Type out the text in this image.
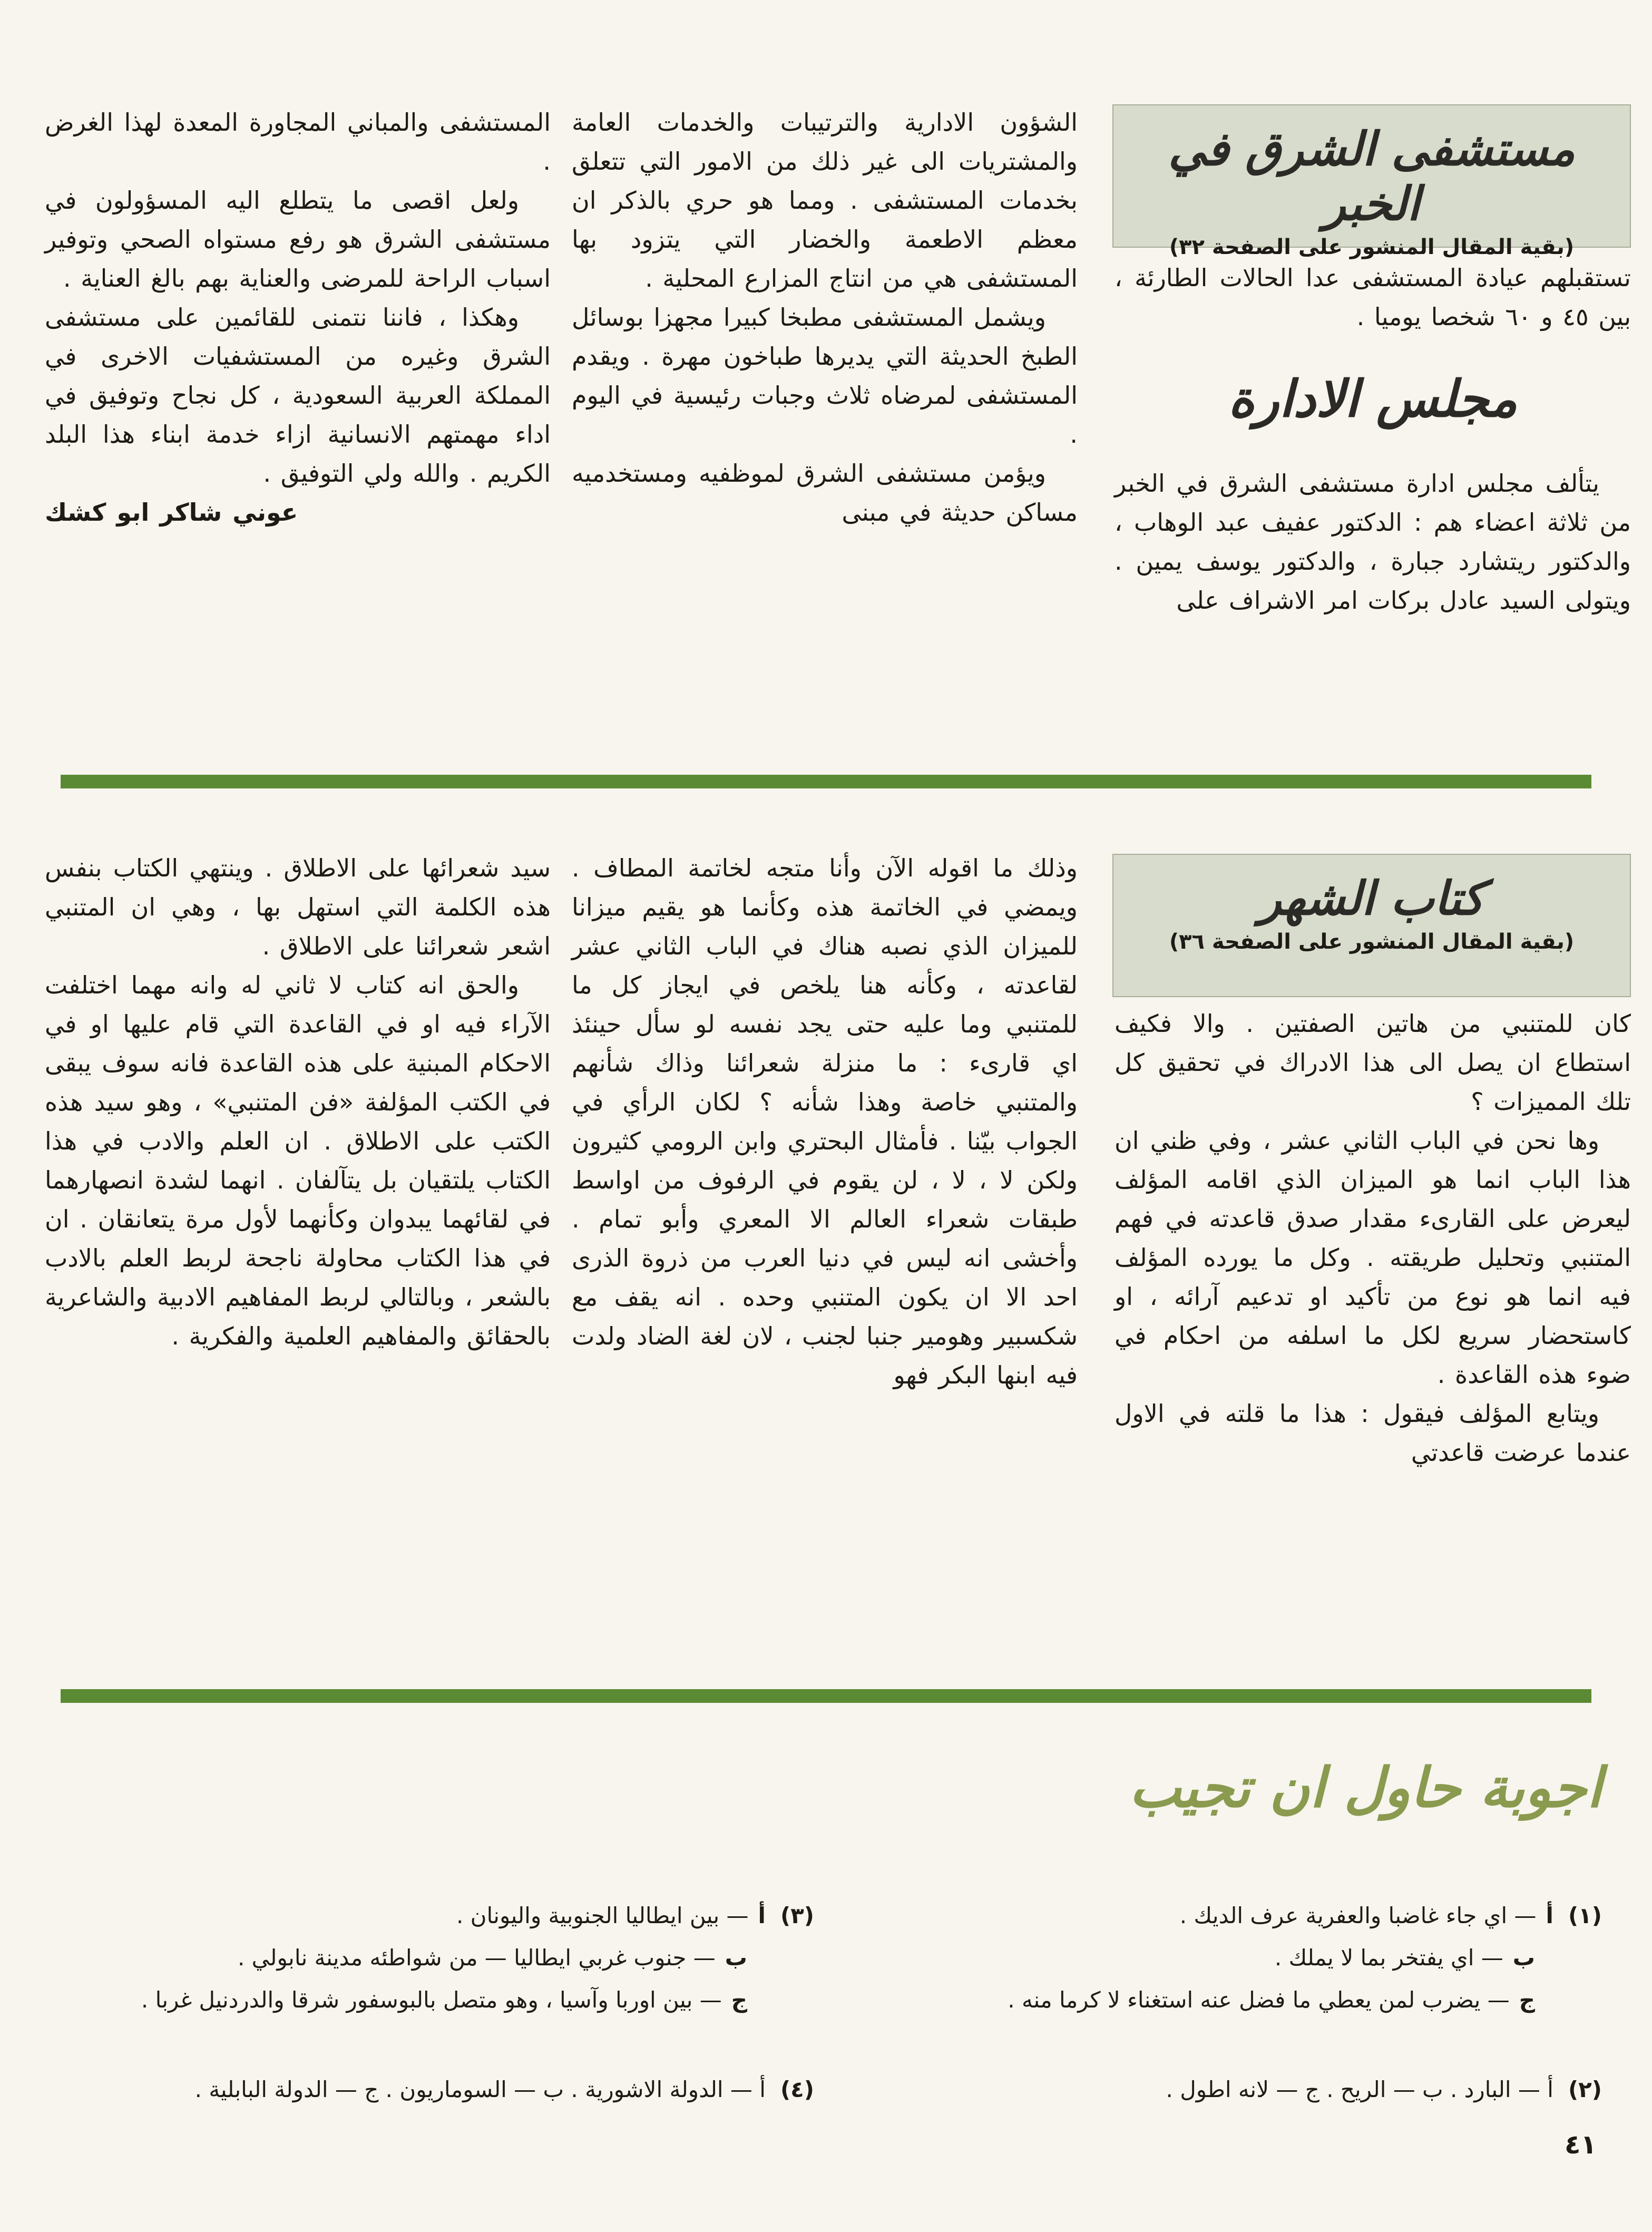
مستشفى الشرق في الخبر
(بقية المقال المنشور على الصفحة ٣٢)

تستقبلهم عيادة المستشفى عدا الحالات الطارئة ، بين ٤٥ و ٦٠ شخصا يوميا .

مجلس الادارة

يتألف مجلس ادارة مستشفى الشرق في الخبر من ثلاثة اعضاء هم : الدكتور عفيف عبد الوهاب ، والدكتور ريتشارد جبارة ، والدكتور يوسف يمين . ويتولى السيد عادل بركات امر الاشراف على

الشؤون الادارية والترتيبات والخدمات العامة والمشتريات الى غير ذلك من الامور التي تتعلق بخدمات المستشفى . ومما هو حري بالذكر ان معظم الاطعمة والخضار التي يتزود بها المستشفى هي من انتاج المزارع المحلية .

ويشمل المستشفى مطبخا كبيرا مجهزا بوسائل الطبخ الحديثة التي يديرها طباخون مهرة . ويقدم المستشفى لمرضاه ثلاث وجبات رئيسية في اليوم .

ويؤمن مستشفى الشرق لموظفيه ومستخدميه مساكن حديثة في مبنى

المستشفى والمباني المجاورة المعدة لهذا الغرض .

ولعل اقصى ما يتطلع اليه المسؤولون في مستشفى الشرق هو رفع مستواه الصحي وتوفير اسباب الراحة للمرضى والعناية بهم بالغ العناية .

وهكذا ، فاننا نتمنى للقائمين على مستشفى الشرق وغيره من المستشفيات الاخرى في المملكة العربية السعودية ، كل نجاح وتوفيق في اداء مهمتهم الانسانية ازاء خدمة ابناء هذا البلد الكريم . والله ولي التوفيق .

عوني شاكر ابو كشك

كتاب الشهر
(بقية المقال المنشور على الصفحة ٣٦)

كان للمتنبي من هاتين الصفتين . والا فكيف استطاع ان يصل الى هذا الادراك في تحقيق كل تلك المميزات ؟

وها نحن في الباب الثاني عشر ، وفي ظني ان هذا الباب انما هو الميزان الذي اقامه المؤلف ليعرض على القارىء مقدار صدق قاعدته في فهم المتنبي وتحليل طريقته . وكل ما يورده المؤلف فيه انما هو نوع من تأكيد او تدعيم آرائه ، او كاستحضار سريع لكل ما اسلفه من احكام في ضوء هذه القاعدة .

ويتابع المؤلف فيقول : هذا ما قلته في الاول عندما عرضت قاعدتي

وذلك ما اقوله الآن وأنا متجه لخاتمة المطاف . ويمضي في الخاتمة هذه وكأنما هو يقيم ميزانا للميزان الذي نصبه هناك في الباب الثاني عشر لقاعدته ، وكأنه هنا يلخص في ايجاز كل ما للمتنبي وما عليه حتى يجد نفسه لو سأل حينئذ اي قارىء : ما منزلة شعرائنا وذاك شأنهم والمتنبي خاصة وهذا شأنه ؟ لكان الرأي في الجواب بيّنا . فأمثال البحتري وابن الرومي كثيرون ولكن لا ، لا ، لن يقوم في الرفوف من اواسط طبقات شعراء العالم الا المعري وأبو تمام . وأخشى انه ليس في دنيا العرب من ذروة الذرى احد الا ان يكون المتنبي وحده . انه يقف مع شكسبير وهومير جنبا لجنب ، لان لغة الضاد ولدت فيه ابنها البكر فهو

سيد شعرائها على الاطلاق . وينتهي الكتاب بنفس هذه الكلمة التي استهل بها ، وهي ان المتنبي اشعر شعرائنا على الاطلاق .

والحق انه كتاب لا ثاني له وانه مهما اختلفت الآراء فيه او في القاعدة التي قام عليها او في الاحكام المبنية على هذه القاعدة فانه سوف يبقى في الكتب المؤلفة «فن المتنبي» ، وهو سيد هذه الكتب على الاطلاق . ان العلم والادب في هذا الكتاب يلتقيان بل يتآلفان . انهما لشدة انصهارهما في لقائهما يبدوان وكأنهما لأول مرة يتعانقان . ان في هذا الكتاب محاولة ناجحة لربط العلم بالادب بالشعر ، وبالتالي لربط المفاهيم الادبية والشاعرية بالحقائق والمفاهيم العلمية والفكرية .

اجوبة حاول ان تجيب
(١)أ— اي جاء غاضبا والعفرية عرف الديك .
ب— اي يفتخر بما لا يملك .
ج— يضرب لمن يعطي ما فضل عنه استغناء لا كرما منه .
(٢)أ — البارد . ب — الريح . ج — لانه اطول .
(٣)أ— بين ايطاليا الجنوبية واليونان .
ب— جنوب غربي ايطاليا — من شواطئه مدينة نابولي .
ج— بين اوربا وآسيا ، وهو متصل بالبوسفور شرقا والدردنيل غربا .
(٤)أ — الدولة الاشورية . ب — السوماريون . ج — الدولة البابلية .
٤١
